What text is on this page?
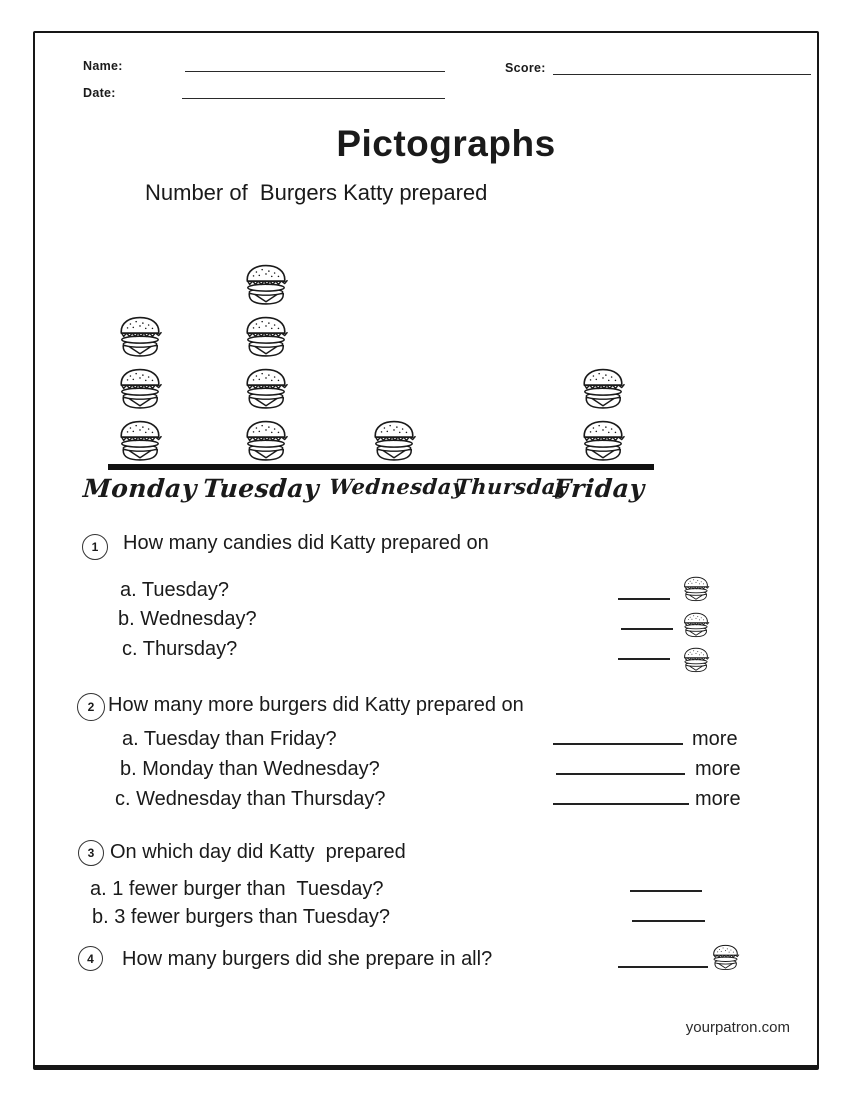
Name:	Score:
Date:
Pictographs
Number of  Burgers Katty prepared
Monday Tuesday Wednesday
Thursday
Friday
1	How many candies did Katty prepared on
a. Tuesday?
b. Wednesday?
c. Thursday?
2 How many more burgers did Katty prepared on
a. Tuesday than Friday?
b. Monday than Wednesday?
c. Wednesday than Thursday?
more
more
more
3 On which day did Katty  prepared
a. 1 fewer burger than  Tuesday?
b. 3 fewer burgers than Tuesday?
4	How many burgers did she prepare in all?
yourpatron.com
